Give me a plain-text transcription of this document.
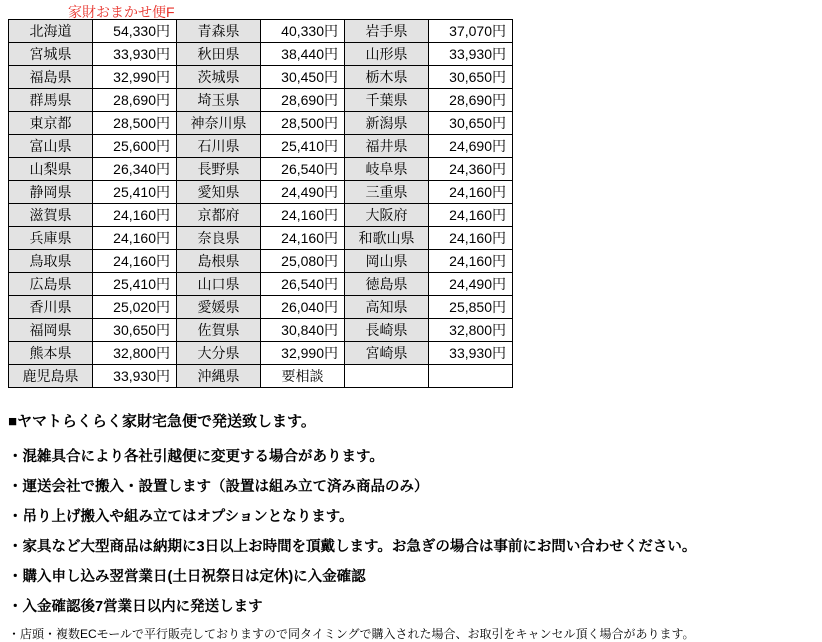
家財おまかせ便F
北海道	54,330円	青森県	40,330円	岩手県	37,070円
宮城県	33,930円	秋田県	38,440円	山形県	33,930円
福島県	32,990円	茨城県	30,450円	栃木県	30,650円
群馬県	28,690円	埼玉県	28,690円	千葉県	28,690円
東京都	28,500円	神奈川県	28,500円	新潟県	30,650円
富山県	25,600円	石川県	25,410円	福井県	24,690円
山梨県	26,340円	長野県	26,540円	岐阜県	24,360円
静岡県	25,410円	愛知県	24,490円	三重県	24,160円
滋賀県	24,160円	京都府	24,160円	大阪府	24,160円
兵庫県	24,160円	奈良県	24,160円	和歌山県	24,160円
鳥取県	24,160円	島根県	25,080円	岡山県	24,160円
広島県	25,410円	山口県	26,540円	徳島県	24,490円
香川県	25,020円	愛媛県	26,040円	高知県	25,850円
福岡県	30,650円	佐賀県	30,840円	長崎県	32,800円
熊本県	32,800円	大分県	32,990円	宮崎県	33,930円
鹿児島県	33,930円	沖縄県	要相談		
■ヤマトらくらく家財宅急便で発送致します。
・混雑具合により各社引越便に変更する場合があります。
・運送会社で搬入・設置します（設置は組み立て済み商品のみ）
・吊り上げ搬入や組み立てはオプションとなります。
・家具など大型商品は納期に3日以上お時間を頂戴します。お急ぎの場合は事前にお問い合わせください。
・購入申し込み翌営業日(土日祝祭日は定休)に入金確認
・入金確認後7営業日以内に発送します
・店頭・複数ECモールで平行販売しておりますので同タイミングで購入された場合、お取引をキャンセル頂く場合があります。
